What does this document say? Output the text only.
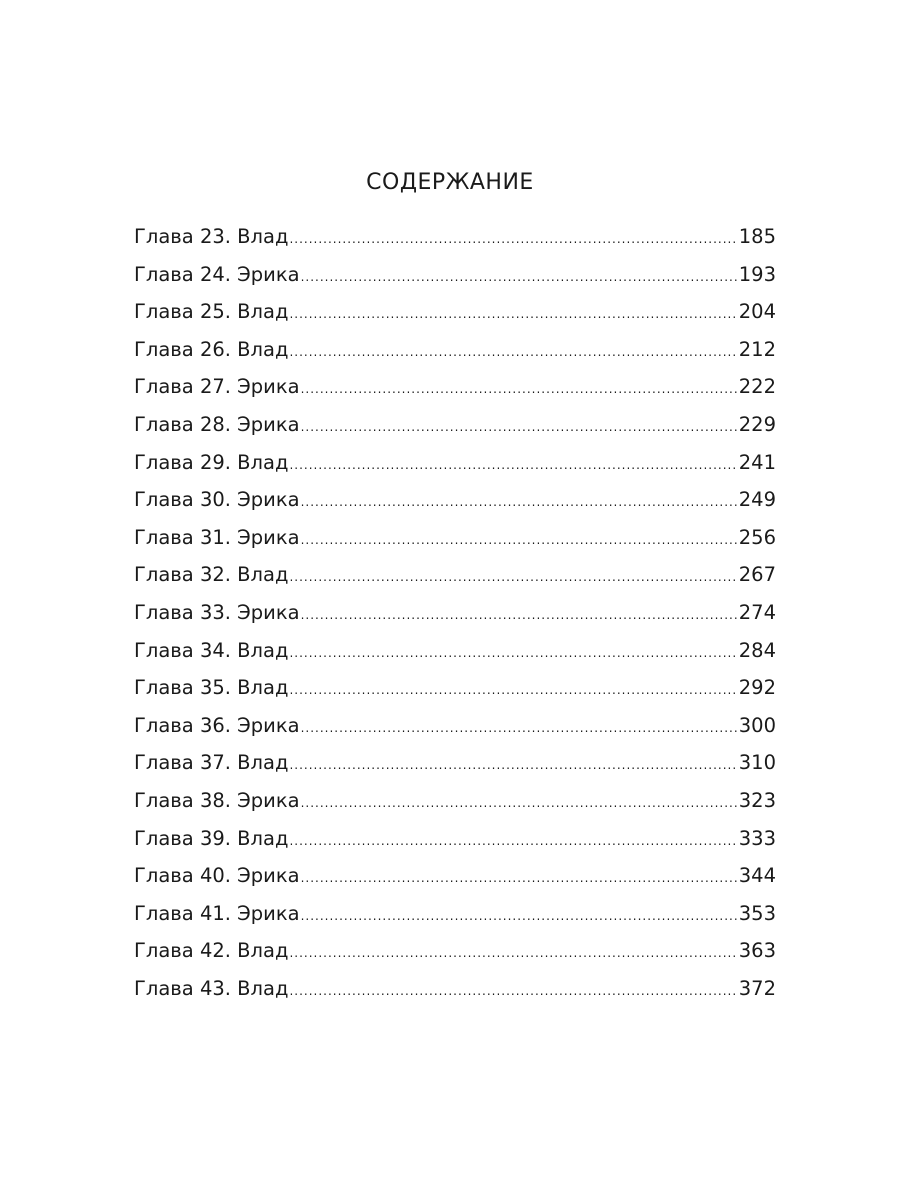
СОДЕРЖАНИЕ
Глава 23. Влад .....	185
Глава 24. Эрика .....	193
Глава 25. Влад .....	204
Глава 26. Влад .....	212
Глава 27. Эрика .....	222
Глава 28. Эрика .....	229
Глава 29. Влад .....	241
Глава 30. Эрика .....	249
Глава 31. Эрика .....	256
Глава 32. Влад .....	267
Глава 33. Эрика .....	274
Глава 34. Влад .....	284
Глава 35. Влад .....	292
Глава 36. Эрика .....	300
Глава 37. Влад .....	310
Глава 38. Эрика .....	323
Глава 39. Влад .....	333
Глава 40. Эрика .....	344
Глава 41. Эрика .....	353
Глава 42. Влад .....	363
Глава 43. Влад .....	372
